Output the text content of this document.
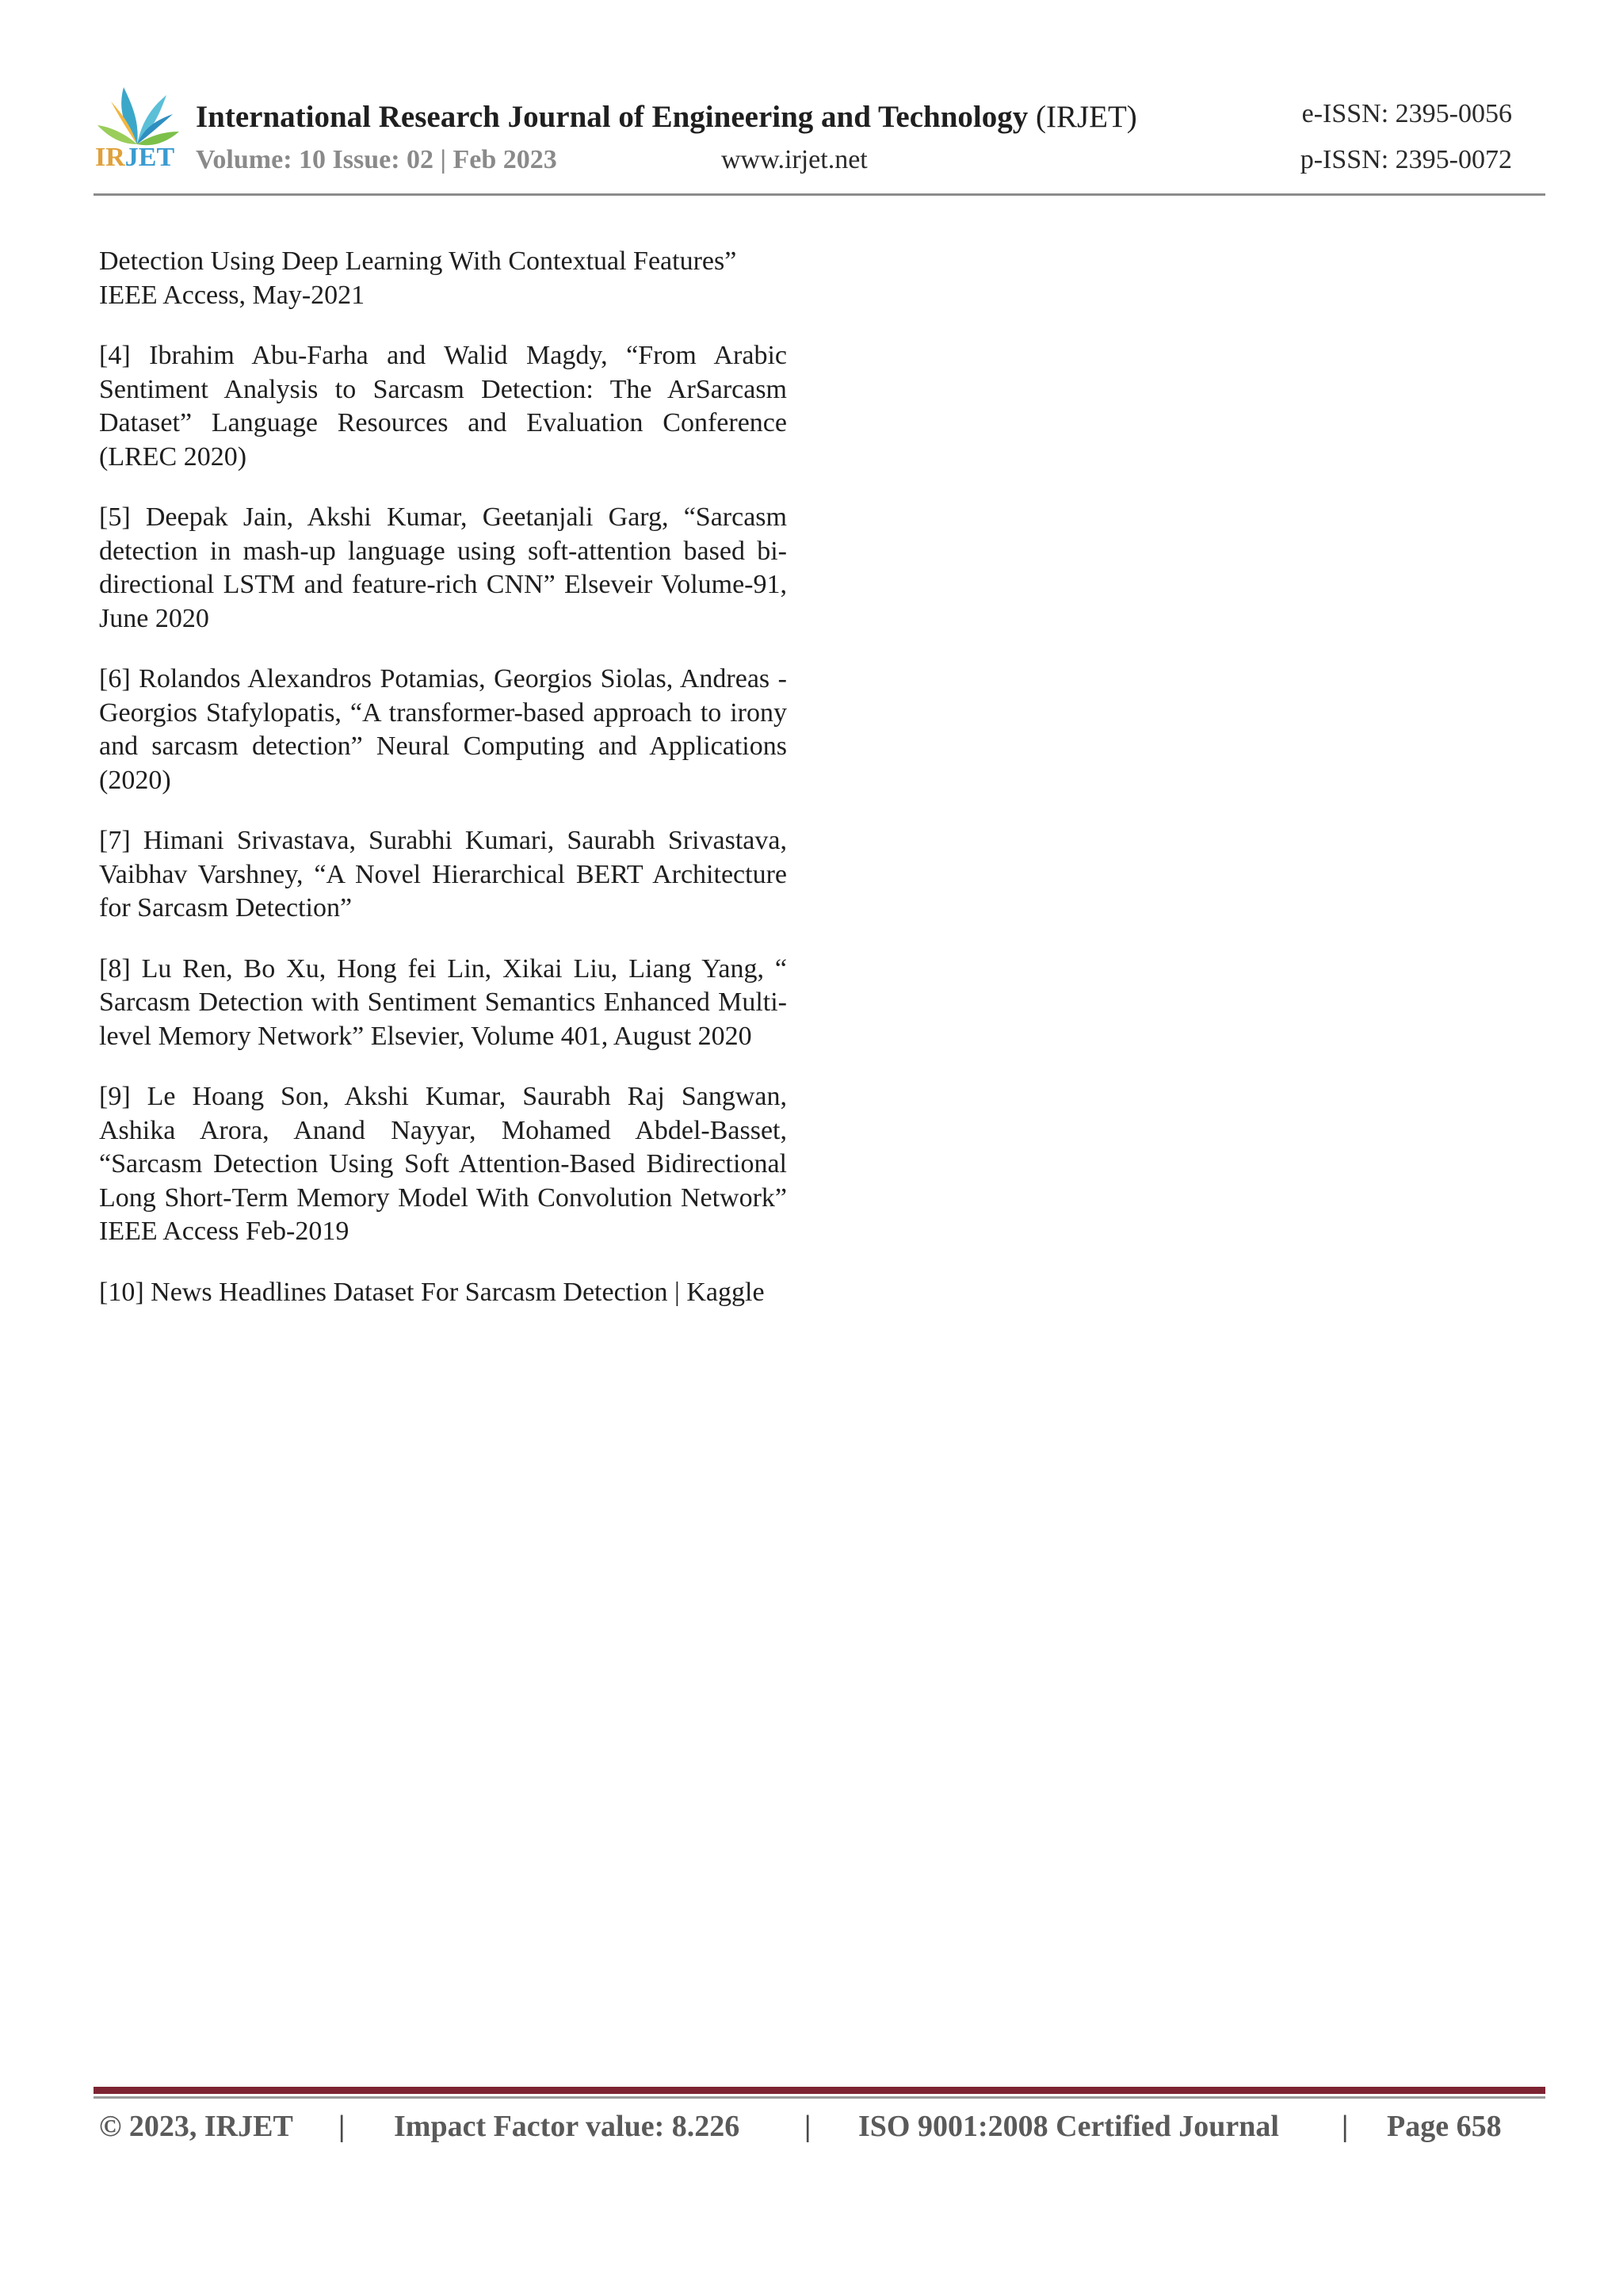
IRJET
International Research Journal of Engineering and Technology (IRJET)
Volume: 10 Issue: 02 | Feb 2023	www.irjet.net
e-ISSN: 2395-0056
p-ISSN: 2395-0072

Detection Using Deep Learning With Contextual Features” IEEE Access, May-2021

[4] Ibrahim Abu-Farha and Walid Magdy, “From Arabic Sentiment Analysis to Sarcasm Detection: The ArSarcasm Dataset” Language Resources and Evaluation Conference (LREC 2020)

[5] Deepak Jain, Akshi Kumar, Geetanjali Garg, “Sarcasm detection in mash-up language using soft-attention based bi-directional LSTM and feature-rich CNN” Elseveir Volume-91, June 2020

[6] Rolandos Alexandros Potamias, Georgios Siolas, Andreas - Georgios Stafylopatis, “A transformer-based approach to irony and sarcasm detection” Neural Computing and Applications (2020)

[7] Himani Srivastava, Surabhi Kumari, Saurabh Srivastava, Vaibhav Varshney, “A Novel Hierarchical BERT Architecture for Sarcasm Detection”

[8] Lu Ren, Bo Xu, Hong fei Lin, Xikai Liu, Liang Yang, “ Sarcasm Detection with Sentiment Semantics Enhanced Multi-level Memory Network” Elsevier, Volume 401, August 2020

[9] Le Hoang Son, Akshi Kumar, Saurabh Raj Sangwan, Ashika Arora, Anand Nayyar, Mohamed Abdel-Basset, “Sarcasm Detection Using Soft Attention-Based Bidirectional Long Short-Term Memory Model With Convolution Network” IEEE Access Feb-2019

[10] News Headlines Dataset For Sarcasm Detection | Kaggle

© 2023, IRJET | Impact Factor value: 8.226 | ISO 9001:2008 Certified Journal | Page 658
